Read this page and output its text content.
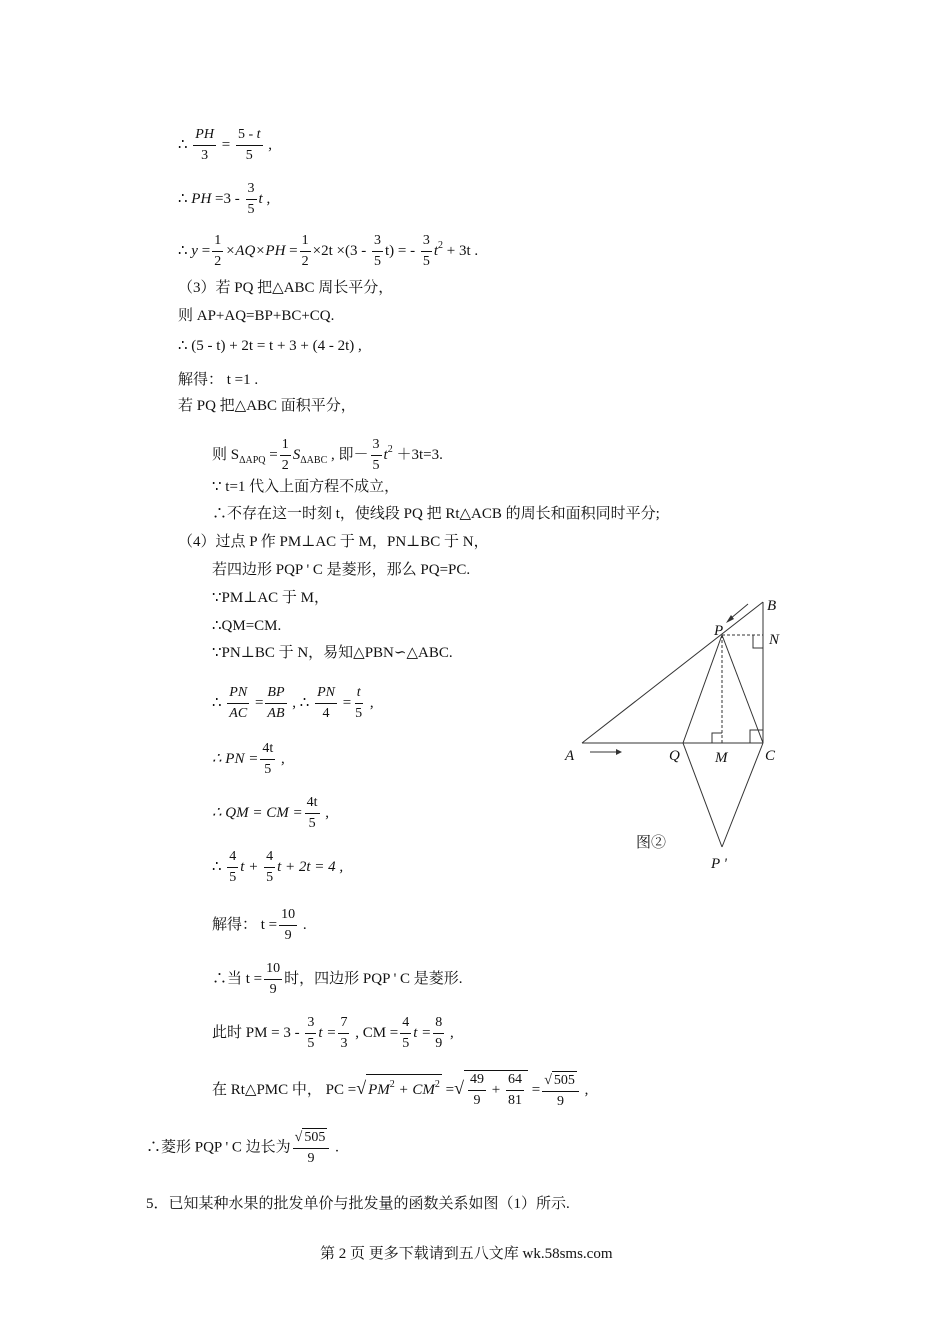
∴ $\frac{PH}{3} = \frac{5 - t}{5}$ ,
∴ PH $=3 - \frac{3}{5}$ t ,
∴ $y = \frac{1}{2} \times AQ\times PH = \frac{1}{2} \times 2t \times(3 - \frac{3}{5} t)$ = - $\frac{3}{5} t^2 + 3t$ .
（3）若 PQ 把△ABC 周长平分，
则 AP+AQ=BP+BC+CQ.
∴ (5 - t) + 2t = t + 3 + (4 - 2t) ,
解得： t =1 .
若 PQ 把△ABC 面积平分，
则 $S_{\Delta APQ} = \frac{1}{2} S_{\Delta ABC}$ , 即－ $\frac{3}{5} t^2 +3t=3$.
∵ t=1 代入上面方程不成立，
∴不存在这一时刻 t，使线段 PQ 把 Rt△ACB 的周长和面积同时平分;
（4）过点 P 作 PM⊥AC 于 M，PN⊥BC 于 N，
若四边形 PQP ' C 是菱形，那么 PQ=PC.
∵PM⊥AC 于 M，
∴QM=CM.
∵PN⊥BC 于 N，易知△PBN∽△ABC.
∴ $\frac{PN}{AC} = \frac{BP}{AB}$ , ∴ $\frac{PN}{4} = \frac{t}{5}$ ,
∴ PN = $\frac{4t}{5}$ ,
∴ QM = CM = $\frac{4t}{5}$ ,
∴ $\frac{4}{5}$ $t + \frac{4}{5}$ t + 2t = 4 ,
解得： $t = \frac{10}{9}$ .
∴当 $t = \frac{10}{9}$ 时，四边形 PQP ' C 是菱形.
此时 PM = $3 - \frac{3}{5}$ $t = \frac{7}{3}$ , CM = $\frac{4}{5}$ $t = \frac{8}{9}$ ,
在 Rt△PMC 中， PC =√ $PM^2 + CM^2$ =√ $\frac{49}{9} + \frac{64}{81} = \frac{√ 505}{9}$ ,
∴菱形 PQP ' C 边长为 $\frac{√ 505}{9}$ .
5．已知某种水果的批发单价与批发量的函数关系如图（1）所示.
第 2 页 更多下载请到五八文库 wk.58sms.com
B
P
N
A	Q M	C
P '
图②
